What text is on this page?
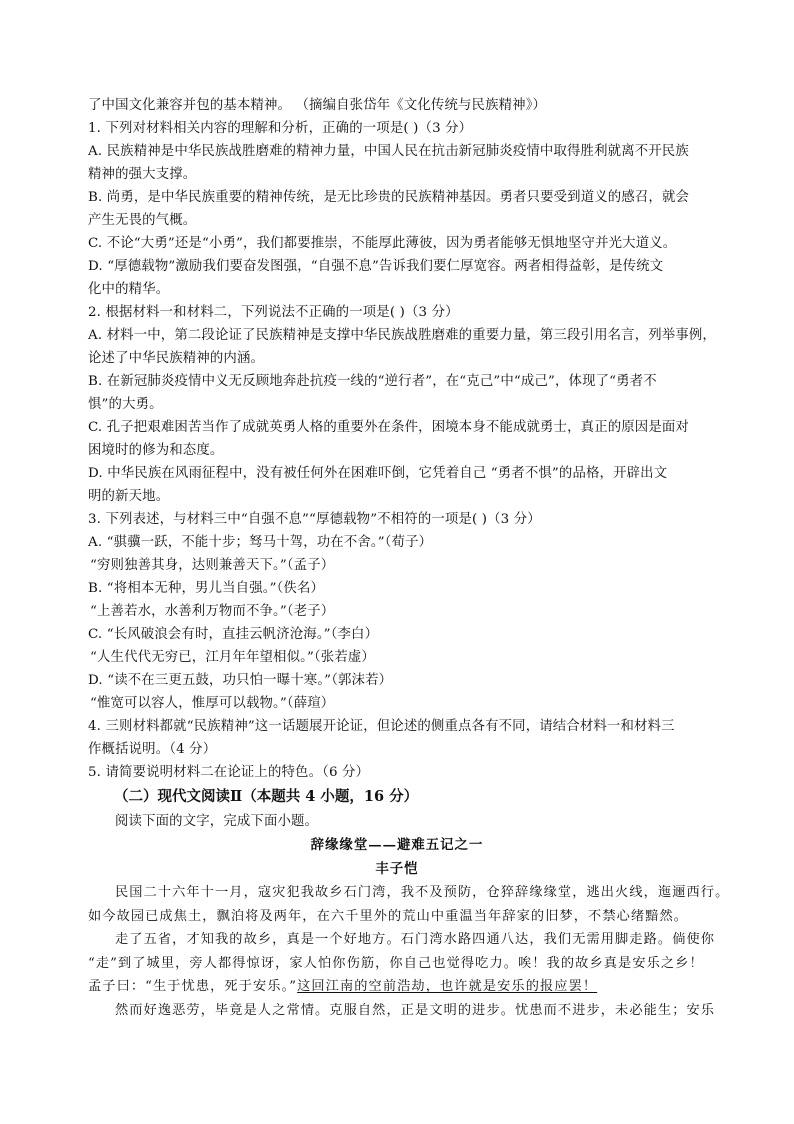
了中国文化兼容并包的基本精神。 （摘编自张岱年《文化传统与民族精神》）
1. 下列对材料相关内容的理解和分析，正确的一项是( )（3 分）
A. 民族精神是中华民族战胜磨难的精神力量，中国人民在抗击新冠肺炎疫情中取得胜利就离不开民族
精神的强大支撑。
B. 尚勇，是中华民族重要的精神传统，是无比珍贵的民族精神基因。勇者只要受到道义的感召，就会
产生无畏的气概。
C. 不论“大勇”还是“小勇”，我们都要推崇，不能厚此薄彼，因为勇者能够无惧地坚守并光大道义。
D. “厚德载物”激励我们要奋发图强，“自强不息”告诉我们要仁厚宽容。两者相得益彰，是传统文
化中的精华。
2. 根据材料一和材料二，下列说法不正确的一项是( )（3 分）
A. 材料一中，第二段论证了民族精神是支撑中华民族战胜磨难的重要力量，第三段引用名言，列举事例，
论述了中华民族精神的内涵。
B. 在新冠肺炎疫情中义无反顾地奔赴抗疫一线的“逆行者”，在“克己”中“成己”，体现了“勇者不
惧”的大勇。
C. 孔子把艰难困苦当作了成就英勇人格的重要外在条件，困境本身不能成就勇士，真正的原因是面对
困境时的修为和态度。
D. 中华民族在风雨征程中，没有被任何外在困难吓倒，它凭着自己 “勇者不惧”的品格，开辟出文
明的新天地。
3. 下列表述，与材料三中“自强不息”“厚德载物”不相符的一项是( )（3 分）
A. “骐骥一跃，不能十步；驽马十驾，功在不舍。”（荀子）
“穷则独善其身，达则兼善天下。”（孟子）
B. “将相本无种，男儿当自强。”（佚名）
“上善若水，水善利万物而不争。”（老子）
C. “长风破浪会有时，直挂云帆济沧海。”（李白）
“人生代代无穷已，江月年年望相似。”（张若虚）
D. “读不在三更五鼓，功只怕一曝十寒。”（郭沫若）
“惟宽可以容人，惟厚可以载物。”（薛瑄）
4. 三则材料都就“民族精神”这一话题展开论证，但论述的侧重点各有不同，请结合材料一和材料三
作概括说明。（4 分）
5. 请简要说明材料二在论证上的特色。（6 分）
（二）现代文阅读Ⅱ（本题共 4 小题，16 分）
阅读下面的文字，完成下面小题。
辞缘缘堂——避难五记之一
丰子恺
民国二十六年十一月，寇灾犯我故乡石门湾，我不及预防，仓猝辞缘缘堂，逃出火线，迤逦西行。
如今故园已成焦土，飘泊将及两年，在六千里外的荒山中重温当年辞家的旧梦，不禁心绪黯然。
走了五省，才知我的故乡，真是一个好地方。石门湾水路四通八达，我们无需用脚走路。倘使你
“走”到了城里，旁人都得惊讶，家人怕你伤筋，你自己也觉得吃力。唉！我的故乡真是安乐之乡！
孟子曰：“生于忧患，死于安乐。”这回江南的空前浩劫，也许就是安乐的报应罢！
然而好逸恶劳，毕竟是人之常情。克服自然，正是文明的进步。忧患而不进步，未必能生；安乐
